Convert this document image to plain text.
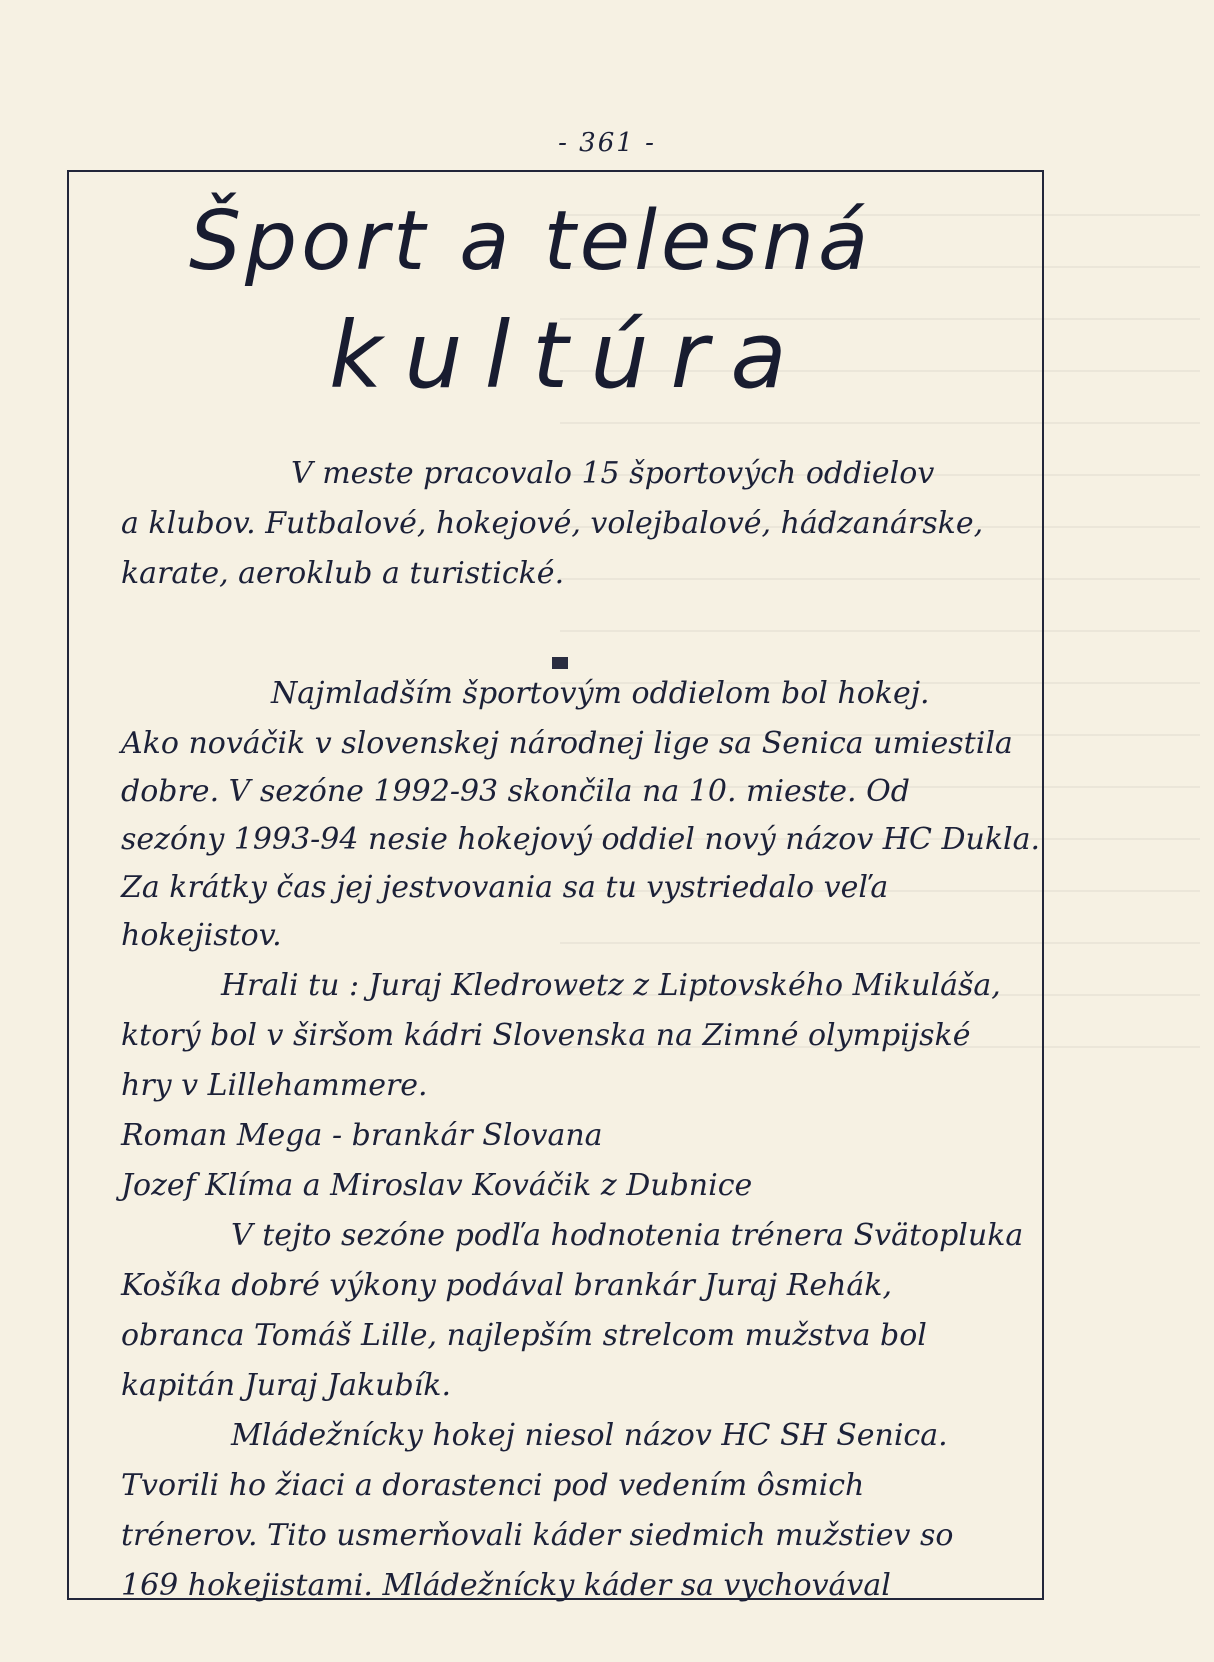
- 361 -
Šport a telesná
kultúra
V meste pracovalo 15 športových oddielov
a klubov. Futbalové, hokejové, volejbalové, hádzanárske,
karate, aeroklub a turistické.
Najmladším športovým oddielom bol hokej.
Ako nováčik v slovenskej národnej lige sa Senica umiestila
dobre. V sezóne 1992-93 skončila na 10. mieste. Od
sezóny 1993-94 nesie hokejový oddiel nový názov HC Dukla.
Za krátky čas jej jestvovania sa tu vystriedalo veľa
hokejistov.
Hrali tu : Juraj Kledrowetz z Liptovského Mikuláša,
ktorý bol v širšom kádri Slovenska na Zimné olympijské
hry v Lillehammere.
Roman Mega - brankár Slovana
Jozef Klíma a Miroslav Kováčik z Dubnice
V tejto sezóne podľa hodnotenia trénera Svätopluka
Košíka dobré výkony podával brankár Juraj Rehák,
obranca Tomáš Lille, najlepším strelcom mužstva bol
kapitán Juraj Jakubík.
Mládežnícky hokej niesol názov HC SH Senica.
Tvorili ho žiaci a dorastenci pod vedením ôsmich
trénerov. Tito usmerňovali káder siedmich mužstiev so
169 hokejistami. Mládežnícky káder sa vychovával
